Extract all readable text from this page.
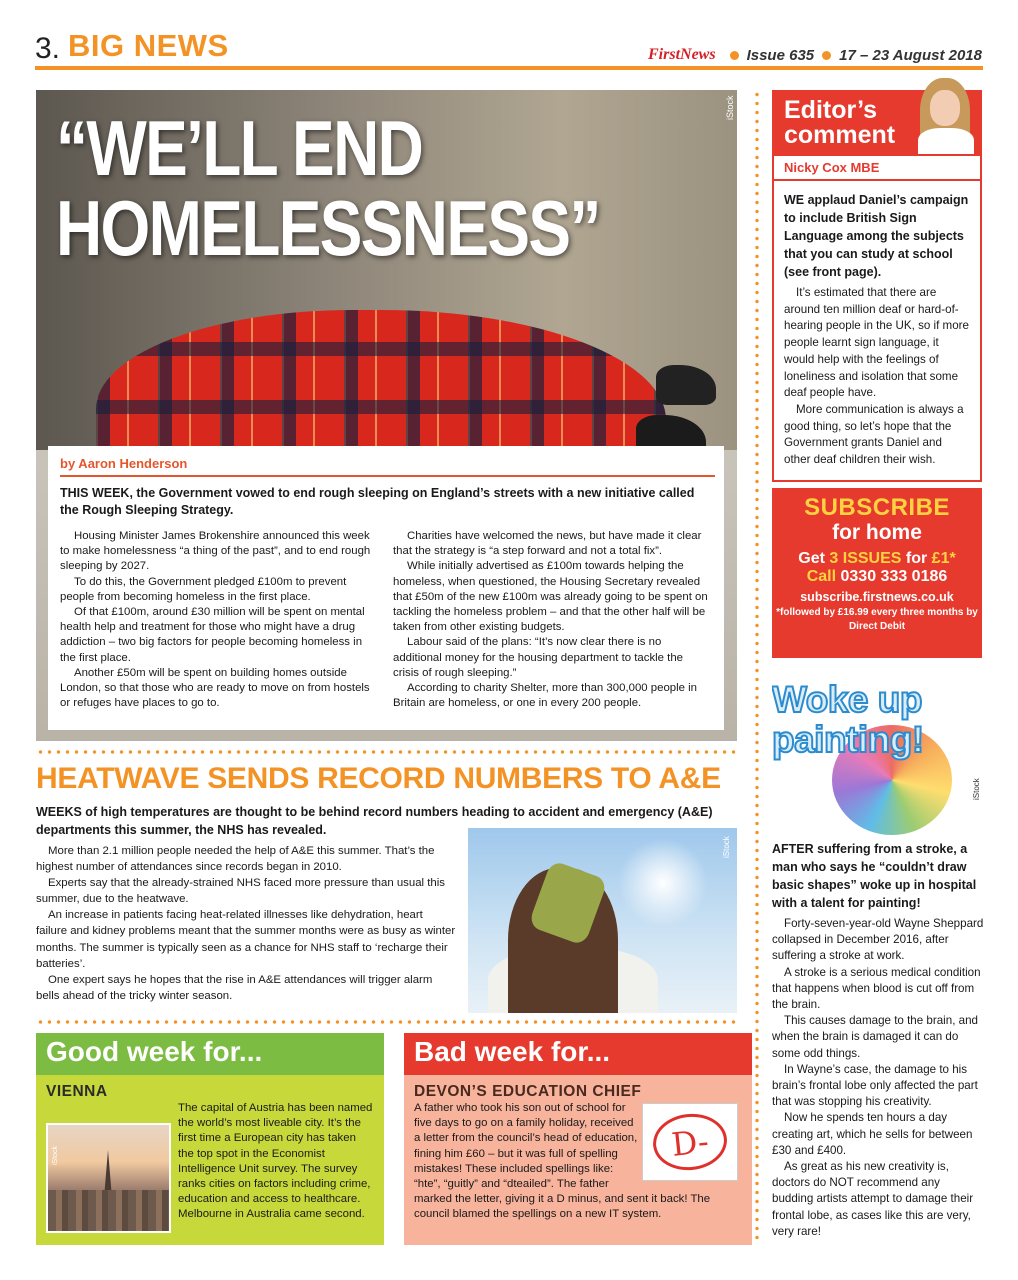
3. BIG NEWS	FirstNews Issue 635 17 – 23 August 2018
“WE’LL END
HOMELESSNESS”
iStock
by Aaron Henderson

THIS WEEK, the Government vowed to end rough sleeping on England’s streets with a new initiative called the Rough Sleeping Strategy.

Housing Minister James Brokenshire announced this week to make homelessness “a thing of the past”, and to end rough sleeping by 2027.

To do this, the Government pledged £100m to prevent people from becoming homeless in the first place.

Of that £100m, around £30 million will be spent on mental health help and treatment for those who might have a drug addiction – two big factors for people becoming homeless in the first place.

Another £50m will be spent on building homes outside London, so that those who are ready to move on from hostels or refuges have places to go to.

Charities have welcomed the news, but have made it clear that the strategy is “a step forward and not a total fix”.

While initially advertised as £100m towards helping the homeless, when questioned, the Housing Secretary revealed that £50m of the new £100m was already going to be spent on tackling the homeless problem – and that the other half will be taken from other existing budgets.

Labour said of the plans: “It’s now clear there is no additional money for the housing department to tackle the crisis of rough sleeping.”

According to charity Shelter, more than 300,000 people in Britain are homeless, or one in every 200 people.

HEATWAVE SENDS RECORD NUMBERS TO A&E

WEEKS of high temperatures are thought to be behind record numbers heading to accident and emergency (A&E) departments this summer, the NHS has revealed.

More than 2.1 million people needed the help of A&E this summer. That’s the highest number of attendances since records began in 2010.

Experts say that the already-strained NHS faced more pressure than usual this summer, due to the heatwave.

An increase in patients facing heat-related illnesses like dehydration, heart failure and kidney problems meant that the summer months were as busy as winter months. The summer is typically seen as a chance for NHS staff to ‘recharge their batteries’.

One expert says he hopes that the rise in A&E attendances will trigger alarm bells ahead of the tricky winter season.

iStock
Good week for...
VIENNA
The capital of Austria has been named the world’s most liveable city. It’s the first time a European city has taken the top spot in the Economist Intelligence Unit survey. The survey ranks cities on factors including crime, education and access to healthcare. Melbourne in Australia came second.
iStock
Bad week for...
DEVON’S EDUCATION CHIEF
A father who took his son out of school for five days to go on a family holiday, received a letter from the council’s head of education, fining him £60 – but it was full of spelling mistakes! These included spellings like: “hte”, “guitly” and “dteailed”. The father marked the letter, giving it a D minus, and sent it back! The council blamed the spellings on a new IT system.
D-
Editor’s comment
Nicky Cox MBE

WE applaud Daniel’s campaign to include British Sign Language among the subjects that you can study at school (see front page).

It’s estimated that there are around ten million deaf or hard-of-hearing people in the UK, so if more people learnt sign language, it would help with the feelings of loneliness and isolation that some deaf people have.

More communication is always a good thing, so let’s hope that the Government grants Daniel and other deaf children their wish.

SUBSCRIBE
for home
Get 3 ISSUES for £1*
Call 0330 333 0186
subscribe.firstnews.co.uk
*followed by £16.99 every three months by Direct Debit
Woke up painting!
iStock

AFTER suffering from a stroke, a man who says he “couldn’t draw basic shapes” woke up in hospital with a talent for painting!

Forty-seven-year-old Wayne Sheppard collapsed in December 2016, after suffering a stroke at work.

A stroke is a serious medical condition that happens when blood is cut off from the brain.

This causes damage to the brain, and when the brain is damaged it can do some odd things.

In Wayne’s case, the damage to his brain’s frontal lobe only affected the part that was stopping his creativity.

Now he spends ten hours a day creating art, which he sells for between £30 and £400.

As great as his new creativity is, doctors do NOT recommend any budding artists attempt to damage their frontal lobe, as cases like this are very, very rare!
